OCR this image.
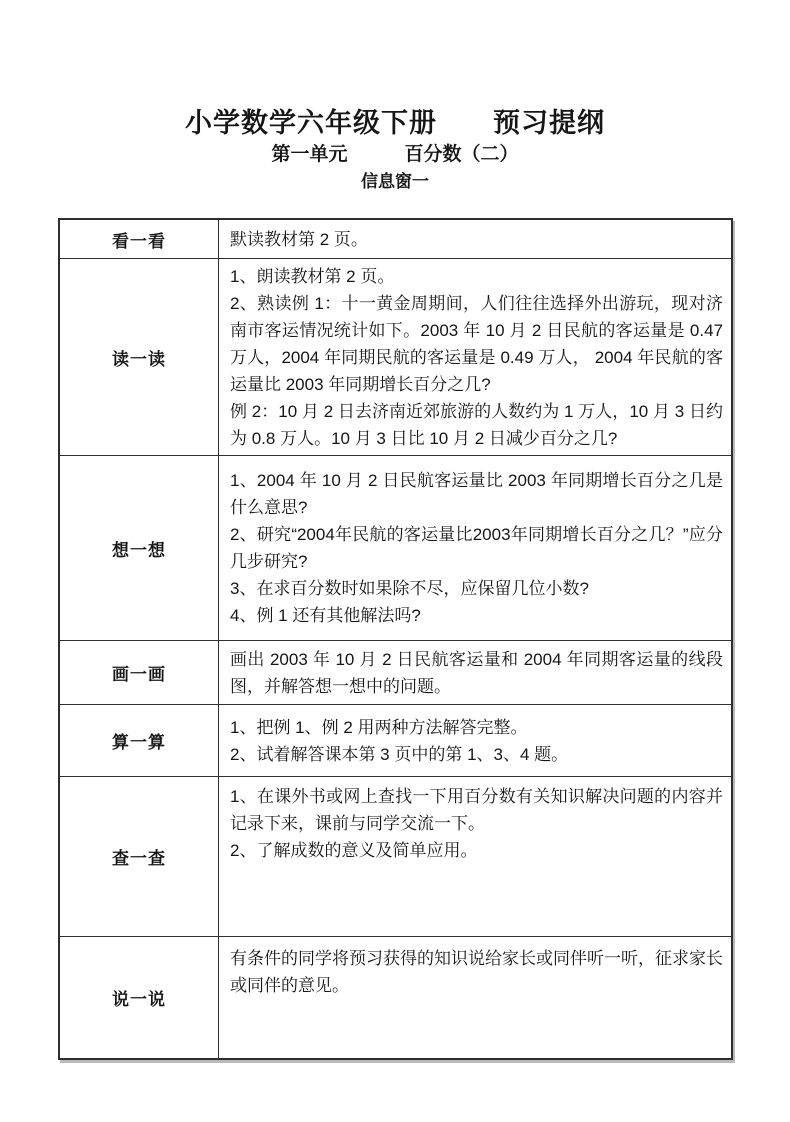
小学数学六年级下册　　预习提纲
第一单元　　　百分数（二）
信息窗一
看一看	默读教材第 2 页。

读一读	1、朗读教材第 2 页。
2、熟读例 1：十一黄金周期间，人们往往选择外出游玩，现对济南市客运情况统计如下。2003 年 10 月 2 日民航的客运量是 0.47 万人，2004 年同期民航的客运量是 0.49 万人， 2004 年民航的客运量比 2003 年同期增长百分之几?
例 2：10 月 2 日去济南近郊旅游的人数约为 1 万人，10 月 3 日约为 0.8 万人。10 月 3 日比 10 月 2 日减少百分之几?

想一想	1、2004 年 10 月 2 日民航客运量比 2003 年同期增长百分之几是什么意思?
2、研究“2004年民航的客运量比2003年同期增长百分之几？”应分几步研究?
3、在求百分数时如果除不尽，应保留几位小数?
4、例 1 还有其他解法吗?

画一画	画出 2003 年 10 月 2 日民航客运量和 2004 年同期客运量的线段图，并解答想一想中的问题。

算一算	1、把例 1、例 2 用两种方法解答完整。
2、试着解答课本第 3 页中的第 1、3、4 题。

查一查	1、在课外书或网上查找一下用百分数有关知识解决问题的内容并记录下来，课前与同学交流一下。
2、了解成数的意义及简单应用。

说一说	有条件的同学将预习获得的知识说给家长或同伴听一听，征求家长或同伴的意见。
